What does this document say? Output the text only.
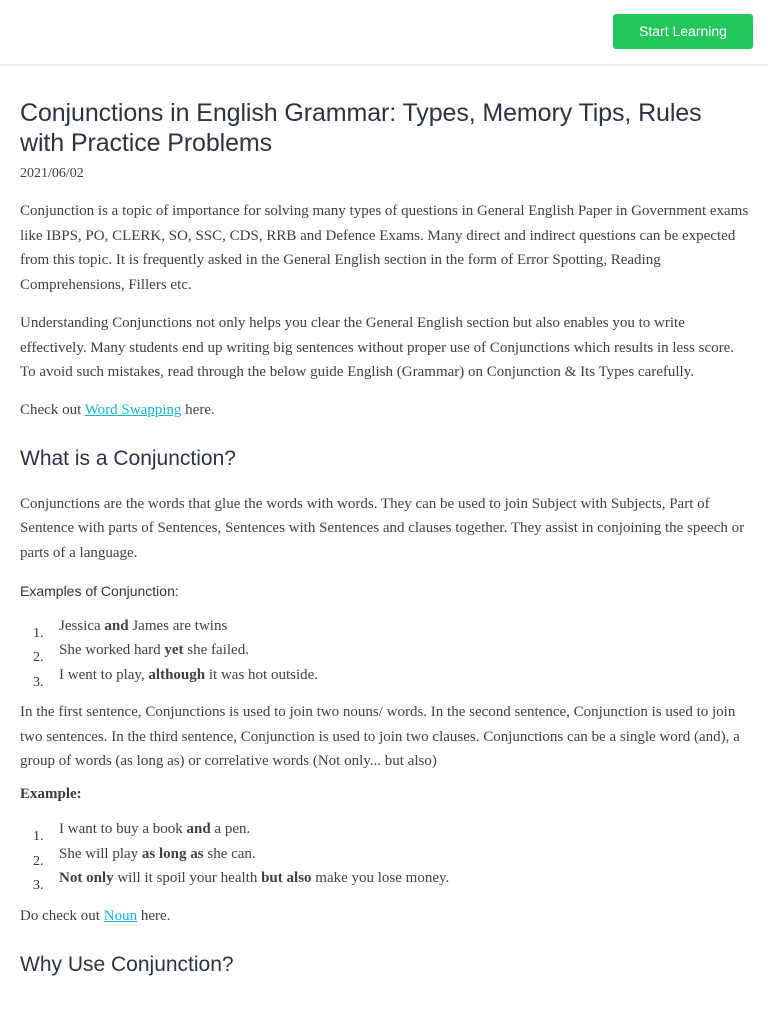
Start Learning
Conjunctions in English Grammar: Types, Memory Tips, Rules with Practice Problems
2021/06/02

Conjunction is a topic of importance for solving many types of questions in General English Paper in Government exams like IBPS, PO, CLERK, SO, SSC, CDS, RRB and Defence Exams. Many direct and indirect questions can be expected from this topic. It is frequently asked in the General English section in the form of Error Spotting, Reading Comprehensions, Fillers etc.

Understanding Conjunctions not only helps you clear the General English section but also enables you to write effectively. Many students end up writing big sentences without proper use of Conjunctions which results in less score. To avoid such mistakes, read through the below guide English (Grammar) on Conjunction & Its Types carefully.

Check out Word Swapping here.

What is a Conjunction?

Conjunctions are the words that glue the words with words. They can be used to join Subject with Subjects, Part of Sentence with parts of Sentences, Sentences with Sentences and clauses together. They assist in conjoining the speech or parts of a language.

Examples of Conjunction:
1. Jessica and James are twins
2. She worked hard yet she failed.
3. I went to play, although it was hot outside.

In the first sentence, Conjunctions is used to join two nouns/ words. In the second sentence, Conjunction is used to join two sentences. In the third sentence, Conjunction is used to join two clauses. Conjunctions can be a single word (and), a group of words (as long as) or correlative words (Not only... but also)

Example:
1. I want to buy a book and a pen.
2. She will play as long as she can.
3. Not only will it spoil your health but also make you lose money.

Do check out Noun here.

Why Use Conjunction?
